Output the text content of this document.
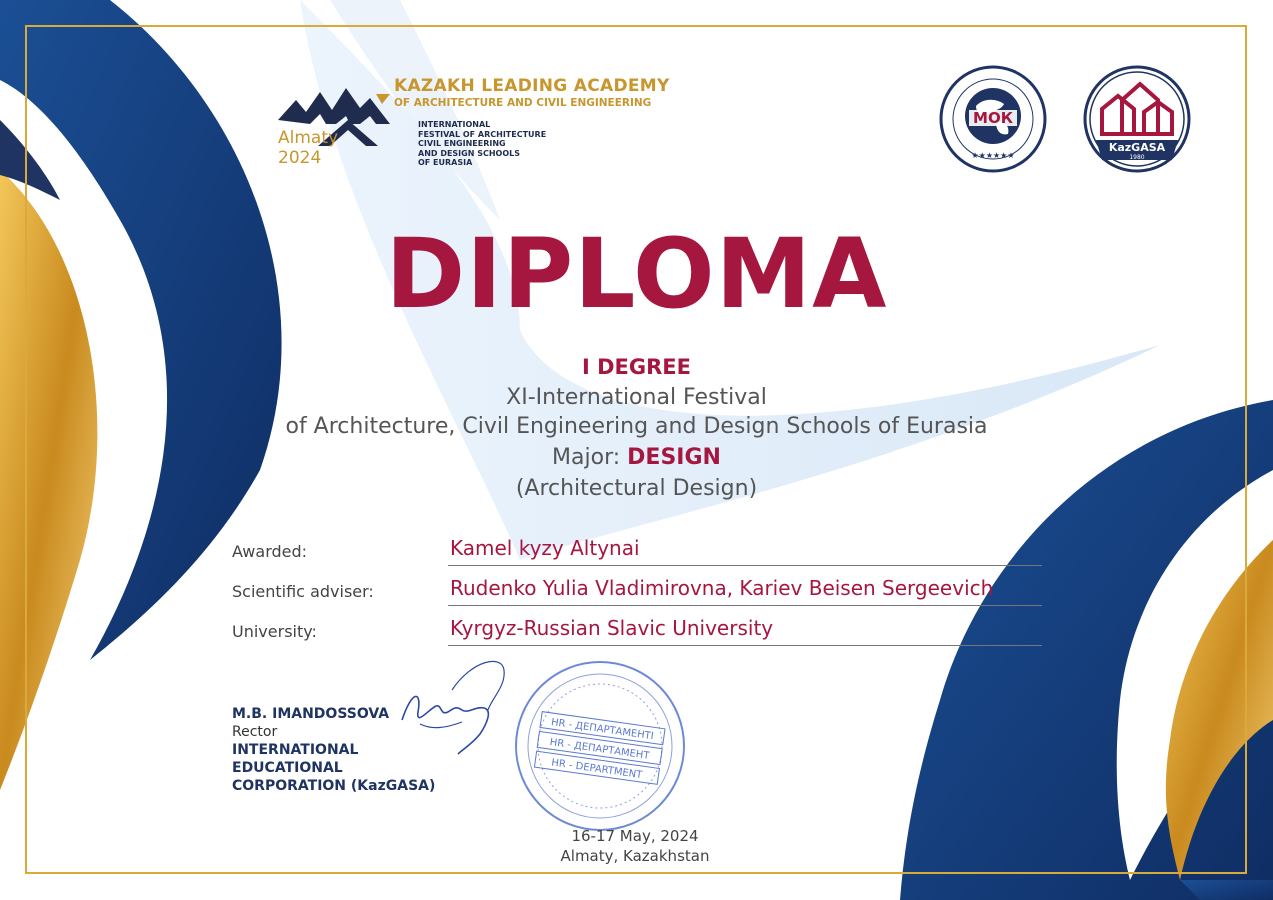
KAZAKH LEADING ACADEMY
OF ARCHITECTURE AND CIVIL ENGINEERING
INTERNATIONAL
FESTIVAL OF ARCHITECTURE
CIVIL ENGINEERING
AND DESIGN SCHOOLS
OF EURASIA
Almaty
2024
МОК
★★★★★★
KazGASA
1980
DIPLOMA
I DEGREE
XI-International Festival
of Architecture, Civil Engineering and Design Schools of Eurasia
Major: DESIGN
(Architectural Design)
Awarded:	Kamel kyzy Altynai
Scientific adviser:	Rudenko Yulia Vladimirovna, Kariev Beisen Sergeevich
University:	Kyrgyz-Russian Slavic University
M.B. IMANDOSSOVA
Rector
INTERNATIONAL
EDUCATIONAL
CORPORATION (KazGASA)
HR - ДЕПАРТАМЕНТІ
HR - ДЕПАРТАМЕНТ
HR - DEPARTMENT
16-17 May, 2024
Almaty, Kazakhstan
